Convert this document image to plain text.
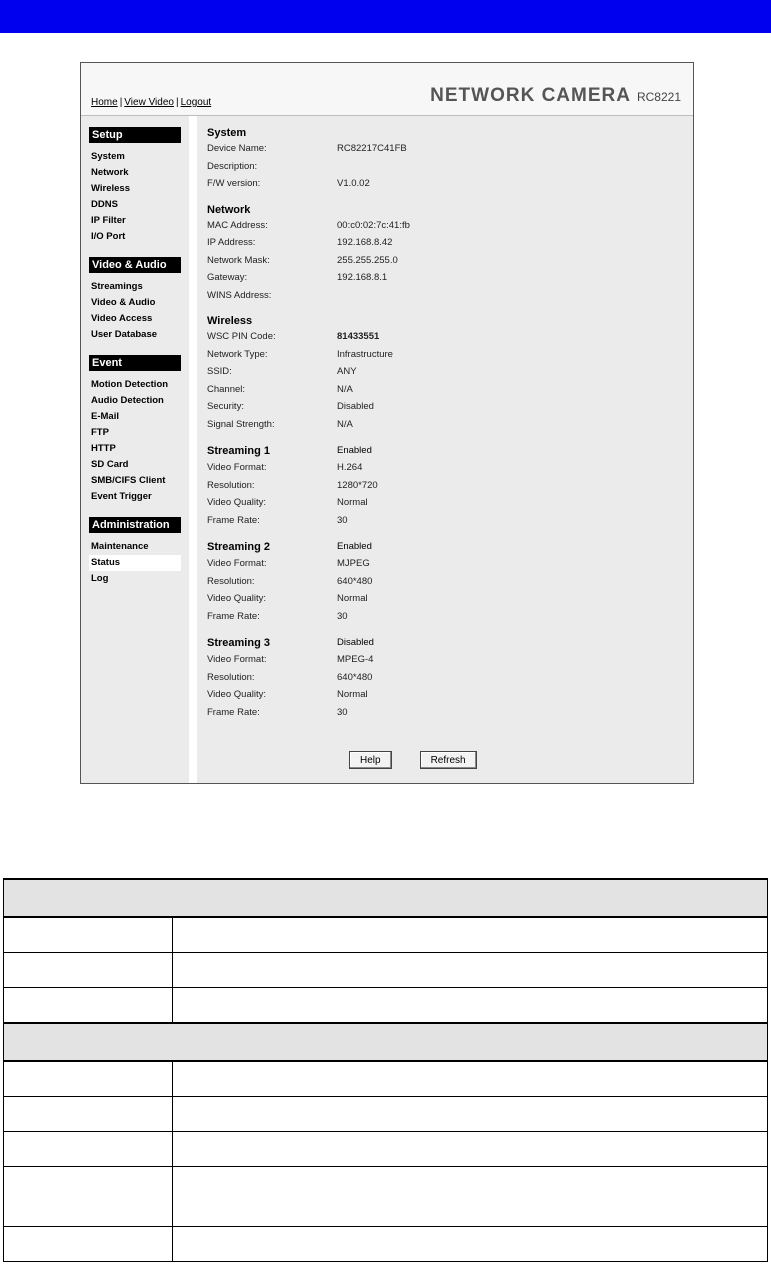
Home | View Video | Logout	NETWORK CAMERA RC8221
Setup
System
Network
Wireless
DDNS
IP Filter
I/O Port
Video & Audio
Streamings
Video & Audio
Video Access
User Database
Event
Motion Detection
Audio Detection
E-Mail
FTP
HTTP
SD Card
SMB/CIFS Client
Event Trigger
Administration
Maintenance
Status
Log
System
Device Name:	RC82217C41FB
Description:
F/W version:	V1.0.02
Network
MAC Address:	00:c0:02:7c:41:fb
IP Address:	192.168.8.42
Network Mask:	255.255.255.0
Gateway:	192.168.8.1
WINS Address:
Wireless
WSC PIN Code:	81433551
Network Type:	Infrastructure
SSID:	ANY
Channel:	N/A
Security:	Disabled
Signal Strength:	N/A
Streaming 1	Enabled
Video Format:	H.264
Resolution:	1280*720
Video Quality:	Normal
Frame Rate:	30
Streaming 2	Enabled
Video Format:	MJPEG
Resolution:	640*480
Video Quality:	Normal
Frame Rate:	30
Streaming 3	Disabled
Video Format:	MPEG-4
Resolution:	640*480
Video Quality:	Normal
Frame Rate:	30
Help	Refresh
